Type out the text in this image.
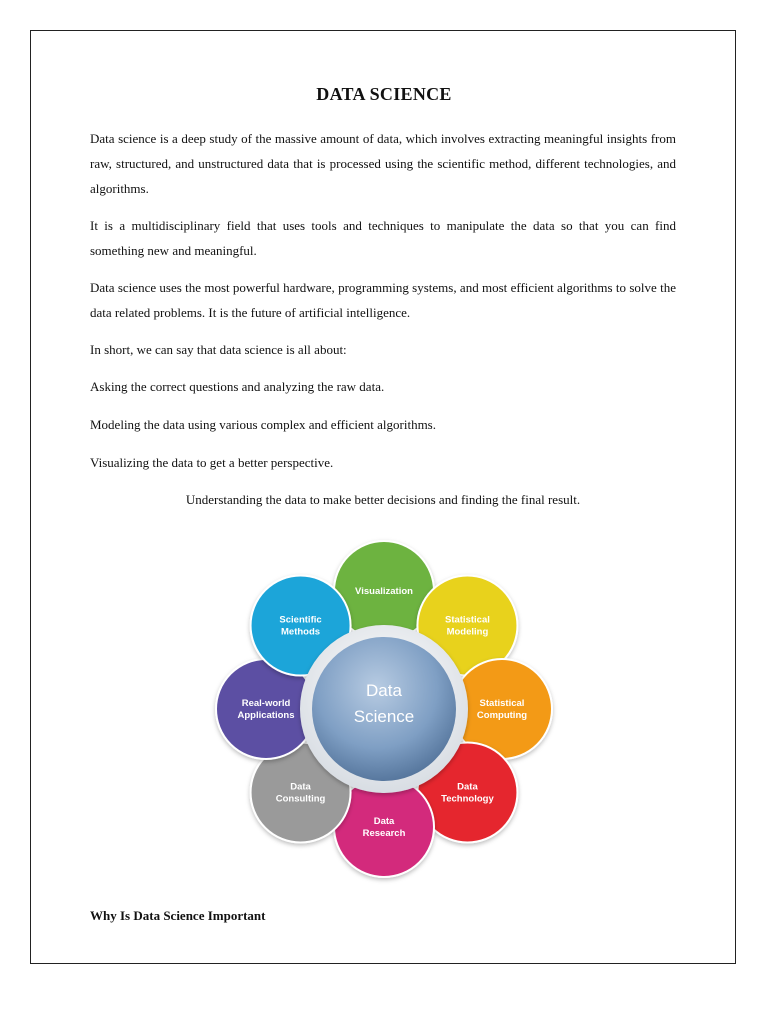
DATA SCIENCE
Data science is a deep study of the massive amount of data, which involves extracting meaningful insights from raw, structured, and unstructured data that is processed using the scientific method, different technologies, and algorithms.
It is a multidisciplinary field that uses tools and techniques to manipulate the data so that you can find something new and meaningful.
Data science uses the most powerful hardware, programming systems, and most efficient algorithms to solve the data related problems. It is the future of artificial intelligence.
In short, we can say that data science is all about:
Asking the correct questions and analyzing the raw data.
Modeling the data using various complex and efficient algorithms.
Visualizing the data to get a better perspective.
Understanding the data to make better decisions and finding the final result.
Visualization
Statistical
Modeling
Statistical
Computing
Data
Technology
Data
Research
Data
Consulting
Real-world
Applications
Scientific
Methods
Data
Science
Why Is Data Science Important
